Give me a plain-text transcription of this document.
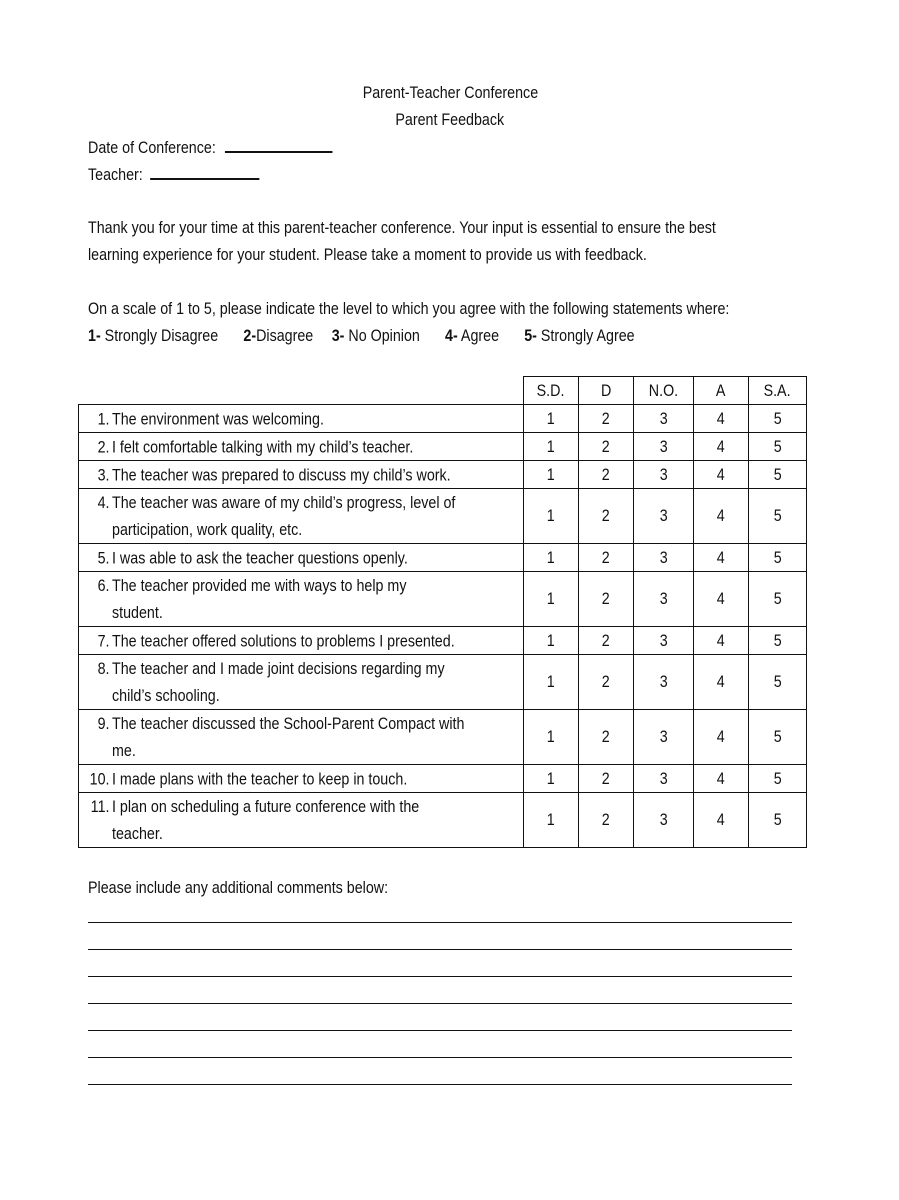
Parent-Teacher Conference
Parent Feedback
Date of Conference:
Teacher:
Thank you for your time at this parent-teacher conference. Your input is essential to ensure the best
learning experience for your student. Please take a moment to provide us with feedback.
On a scale of 1 to 5, please indicate the level to which you agree with the following statements where:
1- Strongly Disagree 2-Disagree 3- No Opinion 4- Agree 5- Strongly Agree
	S.D.	D	N.O.	A	S.A.

1. The environment was welcoming.	1	2	3	4	5

2. I felt comfortable talking with my child’s teacher.	1	2	3	4	5

3. The teacher was prepared to discuss my child’s work.	1	2	3	4	5

4. The teacher was aware of my child’s progress, level of
participation, work quality, etc.	1	2	3	4	5

5. I was able to ask the teacher questions openly.	1	2	3	4	5

6. The teacher provided me with ways to help my
student.	1	2	3	4	5

7. The teacher offered solutions to problems I presented.	1	2	3	4	5

8. The teacher and I made joint decisions regarding my
child’s schooling.	1	2	3	4	5

9. The teacher discussed the School-Parent Compact with
me.	1	2	3	4	5

10. I made plans with the teacher to keep in touch.	1	2	3	4	5

11. I plan on scheduling a future conference with the
teacher.	1	2	3	4	5
Please include any additional comments below:
